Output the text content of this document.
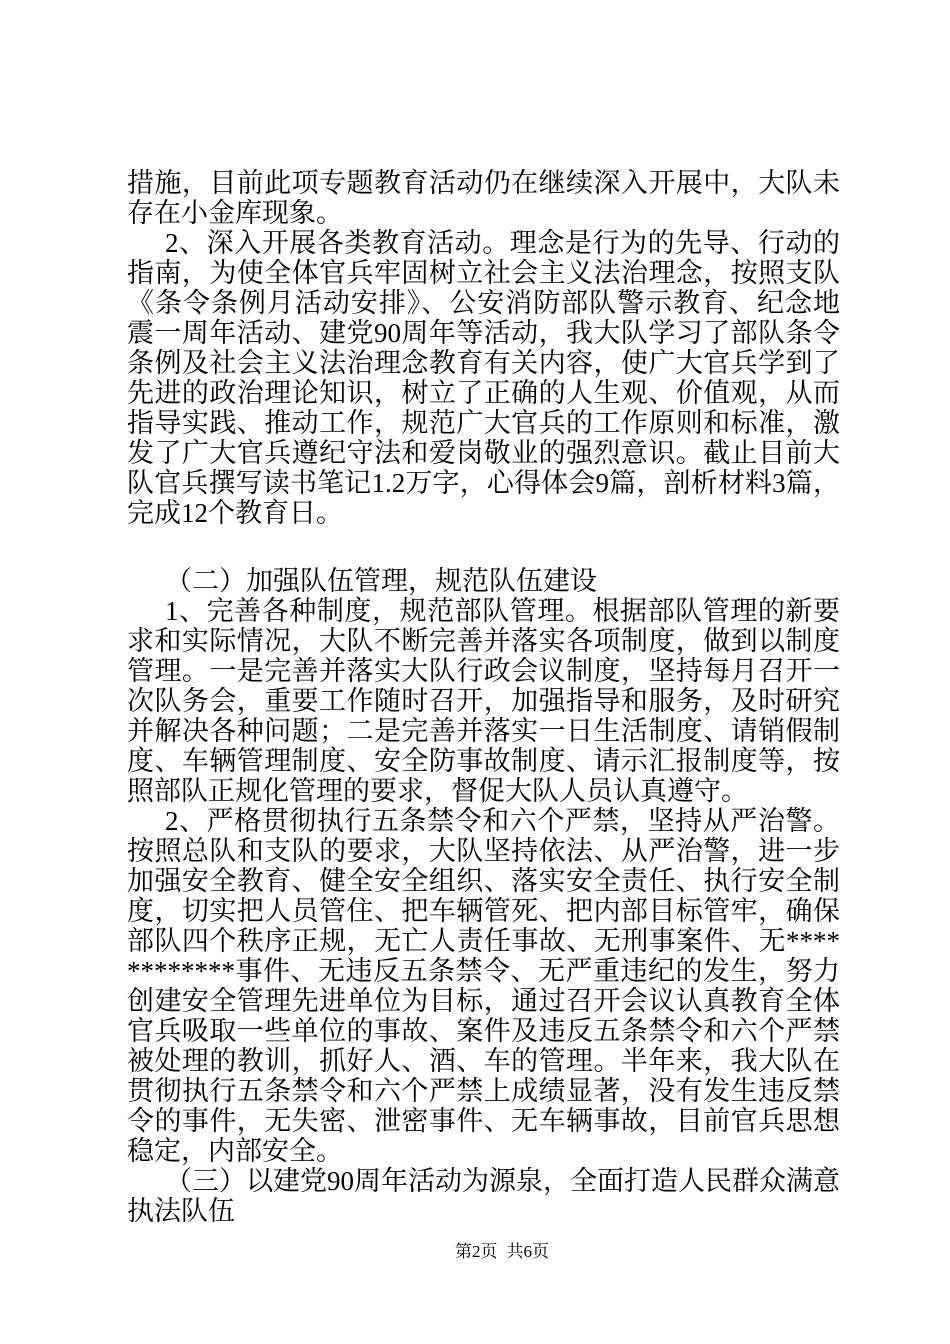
措施，目前此项专题教育活动仍在继续深入开展中，大队未存在小金库现象。

2、深入开展各类教育活动。理念是行为的先导、行动的指南，为使全体官兵牢固树立社会主义法治理念，按照支队《条令条例月活动安排》、公安消防部队警示教育、纪念地震一周年活动、建党90周年等活动，我大队学习了部队条令条例及社会主义法治理念教育有关内容，使广大官兵学到了先进的政治理论知识，树立了正确的人生观、价值观，从而指导实践、推动工作，规范广大官兵的工作原则和标准，激发了广大官兵遵纪守法和爱岗敬业的强烈意识。截止目前大队官兵撰写读书笔记1.2万字，心得体会9篇，剖析材料3篇，完成12个教育日。

（二）加强队伍管理，规范队伍建设

1、完善各种制度，规范部队管理。根据部队管理的新要求和实际情况，大队不断完善并落实各项制度，做到以制度管理。一是完善并落实大队行政会议制度，坚持每月召开一次队务会，重要工作随时召开，加强指导和服务，及时研究并解决各种问题；二是完善并落实一日生活制度、请销假制度、车辆管理制度、安全防事故制度、请示汇报制度等，按照部队正规化管理的要求，督促大队人员认真遵守。

2、严格贯彻执行五条禁令和六个严禁，坚持从严治警。按照总队和支队的要求，大队坚持依法、从严治警，进一步加强安全教育、健全安全组织、落实安全责任、执行安全制度，切实把人员管住、把车辆管死、把内部目标管牢，确保部队四个秩序正规，无亡人责任事故、无刑事案件、无************事件、无违反五条禁令、无严重违纪的发生，努力创建安全管理先进单位为目标，通过召开会议认真教育全体官兵吸取一些单位的事故、案件及违反五条禁令和六个严禁被处理的教训，抓好人、酒、车的管理。半年来，我大队在贯彻执行五条禁令和六个严禁上成绩显著，没有发生违反禁令的事件，无失密、泄密事件、无车辆事故，目前官兵思想稳定，内部安全。

（三）以建党90周年活动为源泉，全面打造人民群众满意执法队伍

第2页 共6页
